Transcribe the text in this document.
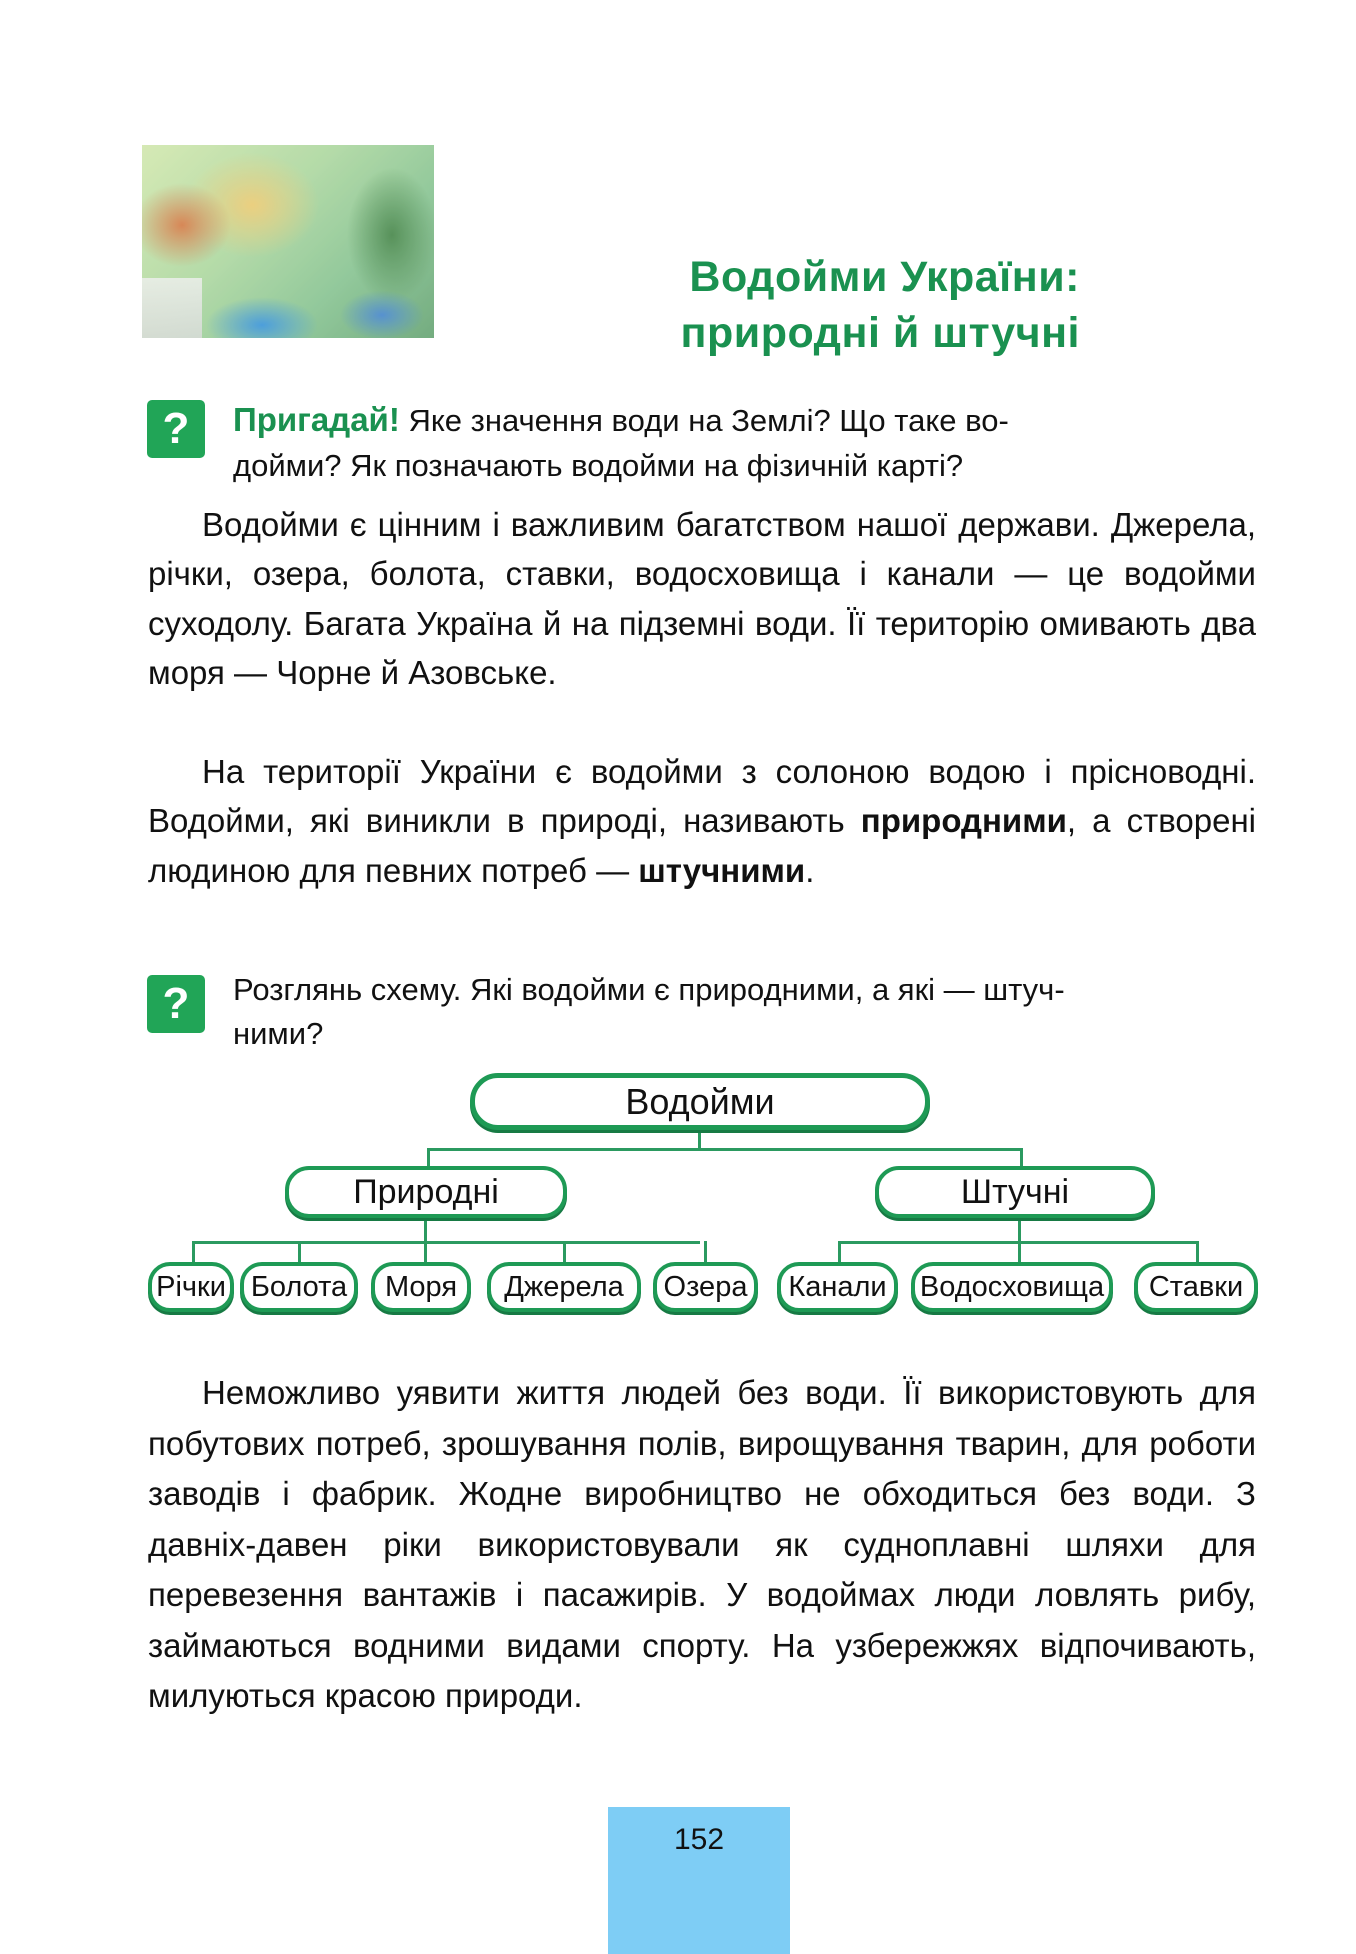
Водойми України:
природні й штучні
?	Пригадай! Яке значення води на Землі? Що таке во-
дойми? Як позначають водойми на фізичній карті?

Водойми є цінним і важливим багатством нашої держави. Джерела, річки, озера, болота, ставки, водосховища і канали — це водойми суходолу. Багата Україна й на підземні води. Її територію омивають два моря — Чорне й Азовське.

На території України є водойми з солоною водою і прісноводні. Водойми, які виникли в природі, називають природними, а створені людиною для певних потреб — штучними.

?	Розглянь схему. Які водойми є природними, а які — штуч-
ними?
Водойми
Природні	Штучні
Річки Болота	Моря	Джерела	Озера	Канали	Водосховища	Ставки

Неможливо уявити життя людей без води. Її використовують для побутових потреб, зрошування полів, вирощування тварин, для роботи заводів і фабрик. Жодне виробництво не обходиться без води. З давніх-давен ріки використовували як судноплавні шляхи для перевезення вантажів і пасажирів. У водоймах люди ловлять рибу, займаються водними видами спорту. На узбережжях відпочивають, милуються красою природи.

152
